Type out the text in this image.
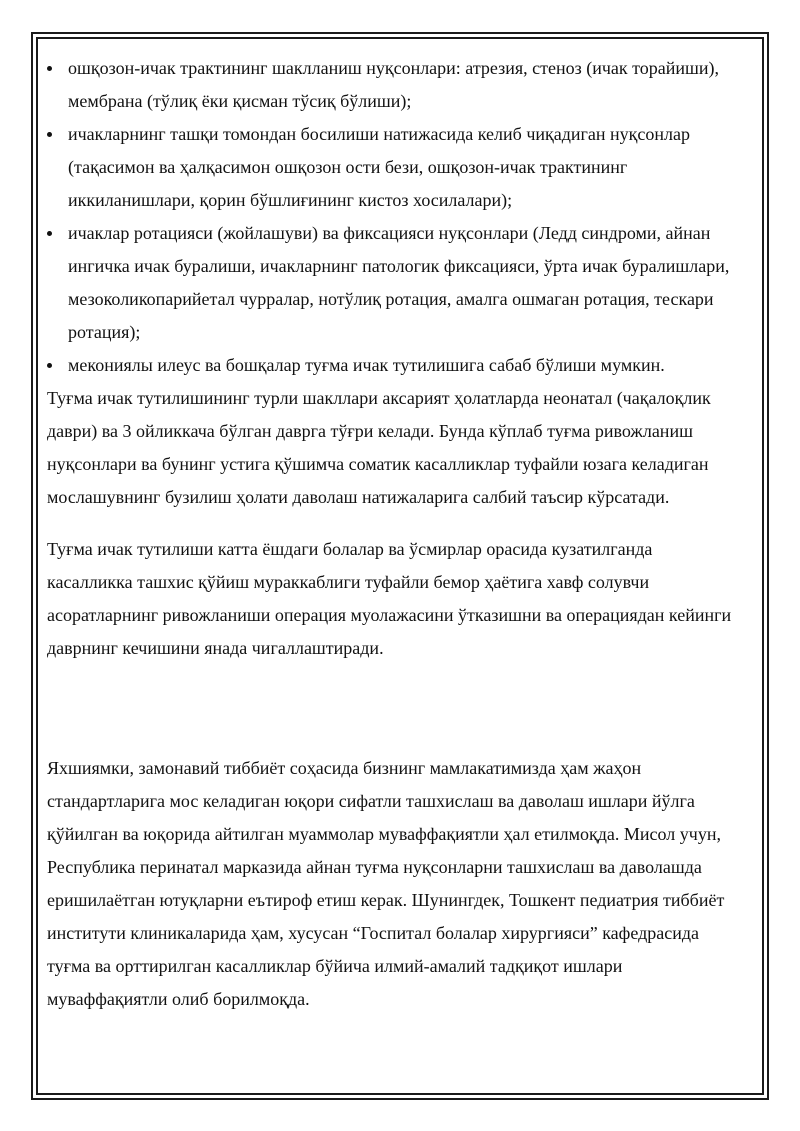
ошқозон-ичак трактининг шаклланиш нуқсонлари: атрезия, стеноз (ичак торайиши), мембрана (тўлиқ ёки қисман тўсиқ бўлиши);
ичакларнинг ташқи томондан босилиши натижасида келиб чиқадиган нуқсонлар (тақасимон ва ҳалқасимон ошқозон ости бези, ошқозон-ичак трактининг иккиланишлари, қорин бўшлиғининг кистоз хосилалари);
ичаклар ротацияси (жойлашуви) ва фиксацияси нуқсонлари (Ледд синдроми, айнан ингичка ичак буралиши, ичакларнинг патологик фиксацияси, ўрта ичак буралишлари, мезоколикопарийетал чурралар, нотўлиқ ротация, амалга ошмаган ротация, тескари ротация);
мекониялы илеус ва бошқалар туғма ичак тутилишига сабаб бўлиши мумкин.

Туғма ичак тутилишининг турли шакллари аксарият ҳолатларда неонатал (чақалоқлик даври) ва 3 ойликкача бўлган даврга тўғри келади. Бунда кўплаб туғма ривожланиш нуқсонлари ва бунинг устига қўшимча соматик касалликлар туфайли юзага келадиган мослашувнинг бузилиш ҳолати даволаш натижаларига салбий таъсир кўрсатади.

Туғма ичак тутилиши катта ёшдаги болалар ва ўсмирлар орасида кузатилганда касалликка ташхис қўйиш мураккаблиги туфайли бемор ҳаётига хавф солувчи асоратларнинг ривожланиши операция муолажасини ўтказишни ва операциядан кейинги даврнинг кечишини янада чигаллаштиради.

Яхшиямки, замонавий тиббиёт соҳасида бизнинг мамлакатимизда ҳам жаҳон стандартларига мос келадиган юқори сифатли ташхислаш ва даволаш ишлари йўлга қўйилган ва юқорида айтилган муаммолар муваффақиятли ҳал етилмоқда. Мисол учун, Республика перинатал марказида айнан туғма нуқсонларни ташхислаш ва даволашда еришилаётган ютуқларни еътироф етиш керак. Шунингдек, Тошкент педиатрия тиббиёт институти клиникаларида ҳам, хусусан “Госпитал болалар хирургияси” кафедрасида туғма ва орттирилган касалликлар бўйича илмий-амалий тадқиқот ишлари муваффақиятли олиб борилмоқда.
